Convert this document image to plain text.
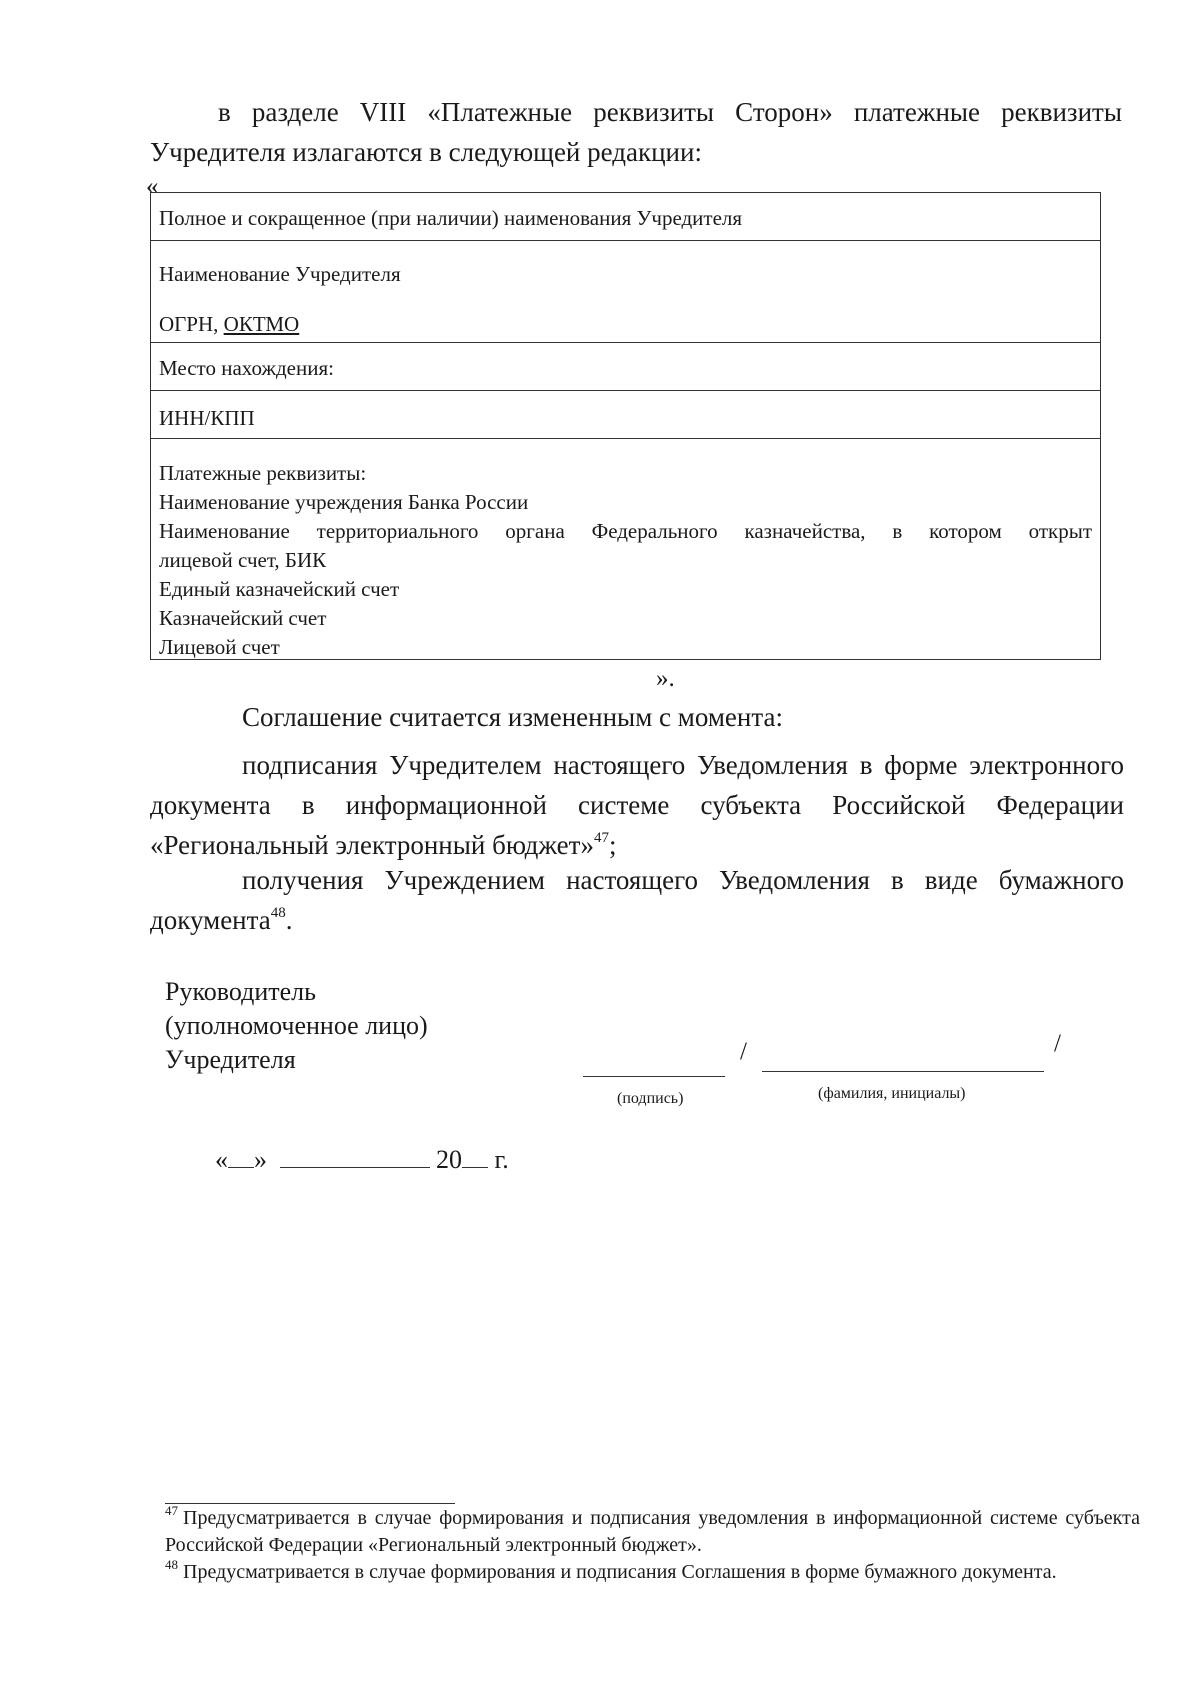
в разделе VIII «Платежные реквизиты Сторон» платежные реквизиты

Учредителя излагаются в следующей редакции:

«
Полное и сокращенное (при наличии) наименования Учредителя
Наименование Учредителя
ОГРН, ОКТМО
Место нахождения:
ИНН/КПП
Платежные реквизиты:
Наименование учреждения Банка России
Наименование территориального органа Федерального казначейства, в котором открыт
лицевой счет, БИК
Единый казначейский счет
Казначейский счет
Лицевой счет
».

Соглашение считается измененным с момента:

подписания Учредителем настоящего Уведомления в форме электронного документа в информационной системе субъекта Российской Федерации «Региональный электронный бюджет»$^{47}$;

получения Учреждением настоящего Уведомления в виде бумажного документа$^{48}$.

Руководитель
(уполномоченное лицо)
Учредителя	/	/
(подпись)	(фамилия, инициалы)
« »	20 г.

$^{47}$ Предусматривается в случае формирования и подписания уведомления в информационной системе субъекта Российской Федерации «Региональный электронный бюджет».

$^{48}$ Предусматривается в случае формирования и подписания Соглашения в форме бумажного документа.
